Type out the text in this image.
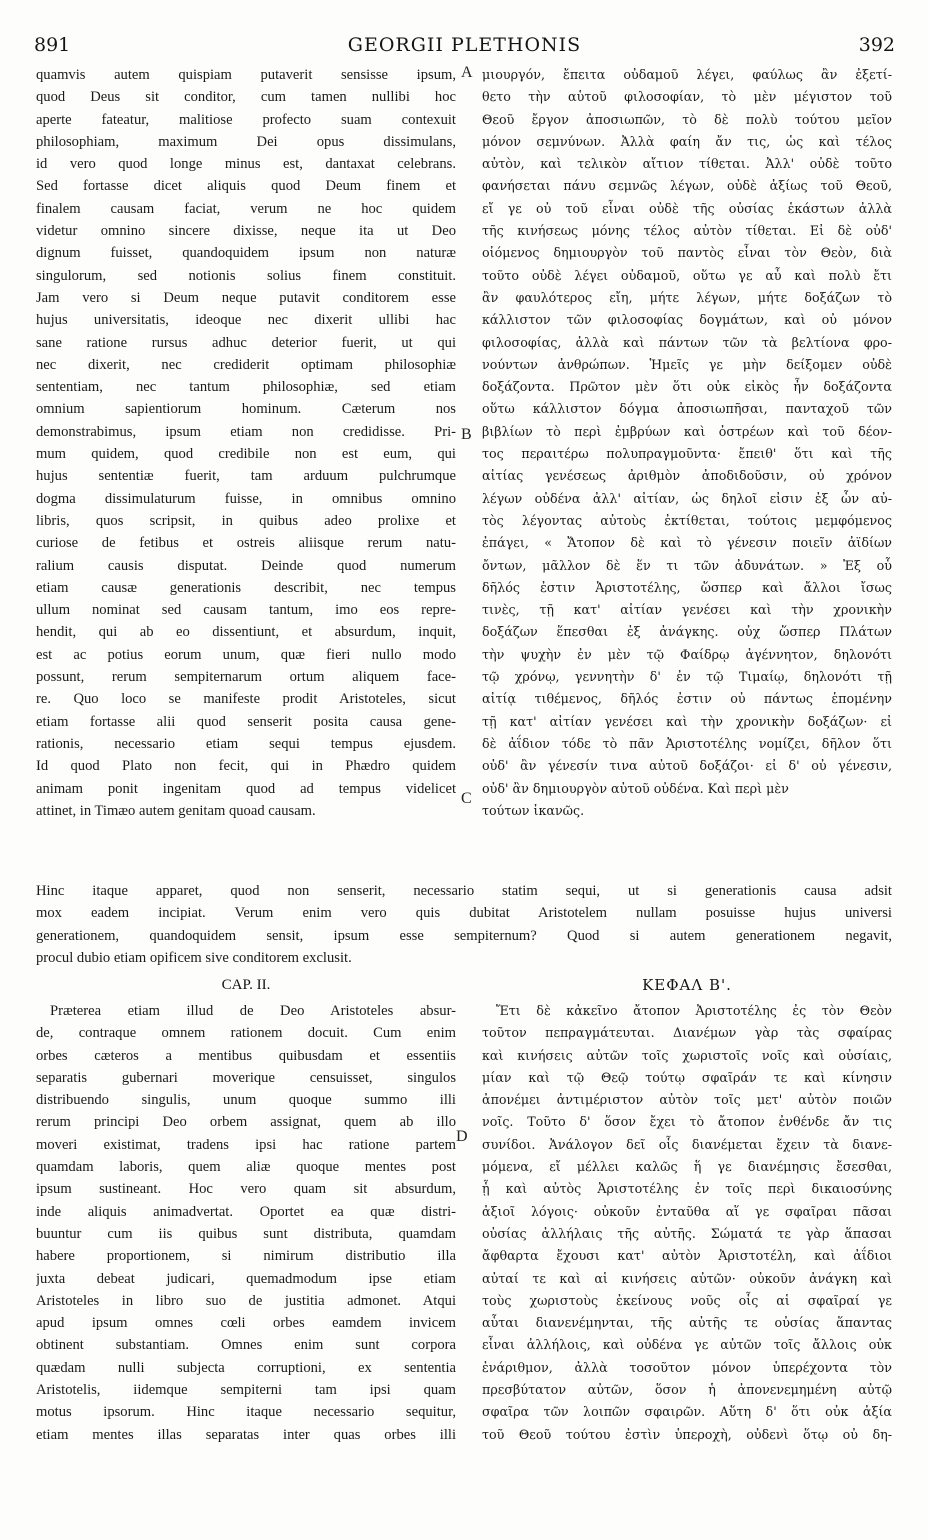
891	GEORGII PLETHONIS	392
A
B
C
D
quamvis autem quispiam putaverit sensisse ipsum,
quod Deus sit conditor, cum tamen nullibi hoc
aperte fateatur, malitiose profecto suam contexuit
philosophiam, maximum Dei opus dissimulans,
id vero quod longe minus est, dantaxat celebrans.
Sed fortasse dicet aliquis quod Deum finem et
finalem causam faciat, verum ne hoc quidem
videtur omnino sincere dixisse, neque ita ut Deo
dignum fuisset, quandoquidem ipsum non naturæ
singulorum, sed notionis solius finem constituit.
Jam vero si Deum neque putavit conditorem esse
hujus universitatis, ideoque nec dixerit ullibi hac
sane ratione rursus adhuc deterior fuerit, ut qui
nec dixerit, nec crediderit optimam philosophiæ
sententiam, nec tantum philosophiæ, sed etiam
omnium sapientiorum hominum. Cæterum nos
demonstrabimus, ipsum etiam non credidisse. Pri-
mum quidem, quod credibile non est eum, qui
hujus sententiæ fuerit, tam arduum pulchrumque
dogma dissimulaturum fuisse, in omnibus omnino
libris, quos scripsit, in quibus adeo prolixe et
curiose de fetibus et ostreis aliisque rerum natu-
ralium causis disputat. Deinde quod numerum
etiam causæ generationis describit, nec tempus
ullum nominat sed causam tantum, imo eos repre-
hendit, qui ab eo dissentiunt, et absurdum, inquit,
est ac potius eorum unum, quæ fieri nullo modo
possunt, rerum sempiternarum ortum aliquem face-
re. Quo loco se manifeste prodit Aristoteles, sicut
etiam fortasse alii quod senserit posita causa gene-
rationis, necessario etiam sequi tempus ejusdem.
Id quod Plato non fecit, qui in Phædro quidem
animam ponit ingenitam quod ad tempus videlicet
attinet, in Timæo autem genitam quoad causam.
μιουργόν, ἔπειτα οὐδαμοῦ λέγει, φαύλως ἂν ἐξετί-
θετο τὴν αὑτοῦ φιλοσοφίαν, τὸ μὲν μέγιστον τοῦ
Θεοῦ ἔργον ἀποσιωπῶν, τὸ δὲ πολὺ τούτου μεῖον
μόνον σεμνύνων. Ἀλλὰ φαίη ἄν τις, ὡς καὶ τέλος
αὐτὸν, καὶ τελικὸν αἴτιον τίθεται. Ἀλλ' οὐδὲ τοῦτο
φανήσεται πάνυ σεμνῶς λέγων, οὐδὲ ἀξίως τοῦ Θεοῦ,
εἴ γε οὐ τοῦ εἶναι οὐδὲ τῆς οὐσίας ἑκάστων ἀλλὰ
τῆς κινήσεως μόνης τέλος αὐτὸν τίθεται. Εἰ δὲ οὐδ'
οἰόμενος δημιουργὸν τοῦ παντὸς εἶναι τὸν Θεὸν, διὰ
τοῦτο οὐδὲ λέγει οὐδαμοῦ, οὕτω γε αὖ καὶ πολὺ ἔτι
ἂν φαυλότερος εἴη, μήτε λέγων, μήτε δοξάζων τὸ
κάλλιστον τῶν φιλοσοφίας δογμάτων, καὶ οὐ μόνον
φιλοσοφίας, ἀλλὰ καὶ πάντων τῶν τὰ βελτίονα φρο-
νούντων ἀνθρώπων. Ἡμεῖς γε μὴν δείξομεν οὐδὲ
δοξάζοντα. Πρῶτον μὲν ὅτι οὐκ εἰκὸς ἦν δοξάζοντα
οὕτω κάλλιστον δόγμα ἀποσιωπῆσαι, πανταχοῦ τῶν
βιβλίων τὸ περὶ ἐμβρύων καὶ ὀστρέων καὶ τοῦ δέον-
τος περαιτέρω πολυπραγμοῦντα· ἔπειθ' ὅτι καὶ τῆς
αἰτίας γενέσεως ἀριθμὸν ἀποδιδοῦσιν, οὐ χρόνον
λέγων οὐδένα ἀλλ' αἰτίαν, ὡς δηλοῖ εἰσιν ἐξ ὧν αὐ-
τὸς λέγοντας αὐτοὺς ἐκτίθεται, τούτοις μεμφόμενος
ἐπάγει, « Ἄτοπον δὲ καὶ τὸ γένεσιν ποιεῖν ἀϊδίων
ὄντων, μᾶλλον δὲ ἕν τι τῶν ἀδυνάτων. » Ἐξ οὗ
δῆλός ἐστιν Ἀριστοτέλης, ὥσπερ καὶ ἄλλοι ἴσως
τινὲς, τῇ κατ' αἰτίαν γενέσει καὶ τὴν χρονικὴν
δοξάζων ἕπεσθαι ἐξ ἀνάγκης. οὐχ ὥσπερ Πλάτων
τὴν ψυχὴν ἐν μὲν τῷ Φαίδρῳ ἀγέννητον, δηλονότι
τῷ χρόνῳ, γεννητὴν δ' ἐν τῷ Τιμαίῳ, δηλονότι τῇ
αἰτίᾳ τιθέμενος, δῆλός ἐστιν οὐ πάντως ἑπομένην
τῇ κατ' αἰτίαν γενέσει καὶ τὴν χρονικὴν δοξάζων· εἰ
δὲ ἀΐδιον τόδε τὸ πᾶν Ἀριστοτέλης νομίζει, δῆλον ὅτι
οὐδ' ἂν γένεσίν τινα αὐτοῦ δοξάζοι· εἰ δ' οὐ γένεσιν,
οὐδ' ἂν δημιουργὸν αὐτοῦ οὐδένα. Καὶ περὶ μὲν
τούτων ἱκανῶς.
Hinc itaque apparet, quod non senserit, necessario statim sequi, ut si generationis causa adsit
mox eadem incipiat. Verum enim vero quis dubitat Aristotelem nullam posuisse hujus universi
generationem, quandoquidem sensit, ipsum esse sempiternum? Quod si autem generationem negavit,
procul dubio etiam opificem sive conditorem exclusit.
CAP. II.	ΚΕΦΑΛ Β'.
Præterea etiam illud de Deo Aristoteles absur-
de, contraque omnem rationem docuit. Cum enim
orbes cæteros a mentibus quibusdam et essentiis
separatis gubernari moverique censuisset, singulos
distribuendo singulis, unum quoque summo illi
rerum principi Deo orbem assignat, quem ab illo
moveri existimat, tradens ipsi hac ratione partem
quamdam laboris, quem aliæ quoque mentes post
ipsum sustineant. Hoc vero quam sit absurdum,
inde aliquis animadvertat. Oportet ea quæ distri-
buuntur cum iis quibus sunt distributa, quamdam
habere proportionem, si nimirum distributio illa
juxta debeat judicari, quemadmodum ipse etiam
Aristoteles in libro suo de justitia admonet. Atqui
apud ipsum omnes cœli orbes eamdem invicem
obtinent substantiam. Omnes enim sunt corpora
quædam nulli subjecta corruptioni, ex sententia
Aristotelis, iidemque sempiterni tam ipsi quam
motus ipsorum. Hinc itaque necessario sequitur,
etiam mentes illas separatas inter quas orbes illi
Ἔτι δὲ κἀκεῖνο ἄτοπον Ἀριστοτέλης ἐς τὸν Θεὸν
τοῦτον πεπραγμάτευται. Διανέμων γὰρ τὰς σφαίρας
καὶ κινήσεις αὐτῶν τοῖς χωριστοῖς νοῖς καὶ οὐσίαις,
μίαν καὶ τῷ Θεῷ τούτῳ σφαῖράν τε καὶ κίνησιν
ἀπονέμει ἀντιμέριστον αὐτὸν τοῖς μετ' αὐτὸν ποιῶν
νοῖς. Τοῦτο δ' ὅσον ἔχει τὸ ἄτοπον ἐνθένδε ἄν τις
συνίδοι. Ἀνάλογον δεῖ οἷς διανέμεται ἔχειν τὰ διανε-
μόμενα, εἴ μέλλει καλῶς ἥ γε διανέμησις ἔσεσθαι,
ᾗ καὶ αὐτὸς Ἀριστοτέλης ἐν τοῖς περὶ δικαιοσύνης
ἀξιοῖ λόγοις· οὐκοῦν ἐνταῦθα αἵ γε σφαῖραι πᾶσαι
οὐσίας ἀλλήλαις τῆς αὐτῆς. Σώματά τε γὰρ ἅπασαι
ἄφθαρτα ἔχουσι κατ' αὐτὸν Ἀριστοτέλη, καὶ ἀΐδιοι
αὐταί τε καὶ αἱ κινήσεις αὐτῶν· οὐκοῦν ἀνάγκη καὶ
τοὺς χωριστοὺς ἐκείνους νοῦς οἷς αἱ σφαῖραί γε
αὗται διανενέμηνται, τῆς αὐτῆς τε οὐσίας ἅπαντας
εἶναι ἀλλήλοις, καὶ οὐδένα γε αὐτῶν τοῖς ἄλλοις οὐκ
ἐνάριθμον, ἀλλὰ τοσοῦτον μόνον ὑπερέχοντα τὸν
πρεσβύτατον αὐτῶν, ὅσον ἡ ἀπονενεμημένη αὐτῷ
σφαῖρα τῶν λοιπῶν σφαιρῶν. Αὕτη δ' ὅτι οὐκ ἀξία
τοῦ Θεοῦ τούτου ἐστὶν ὑπεροχὴ, οὐδενὶ ὅτῳ οὐ δη-
